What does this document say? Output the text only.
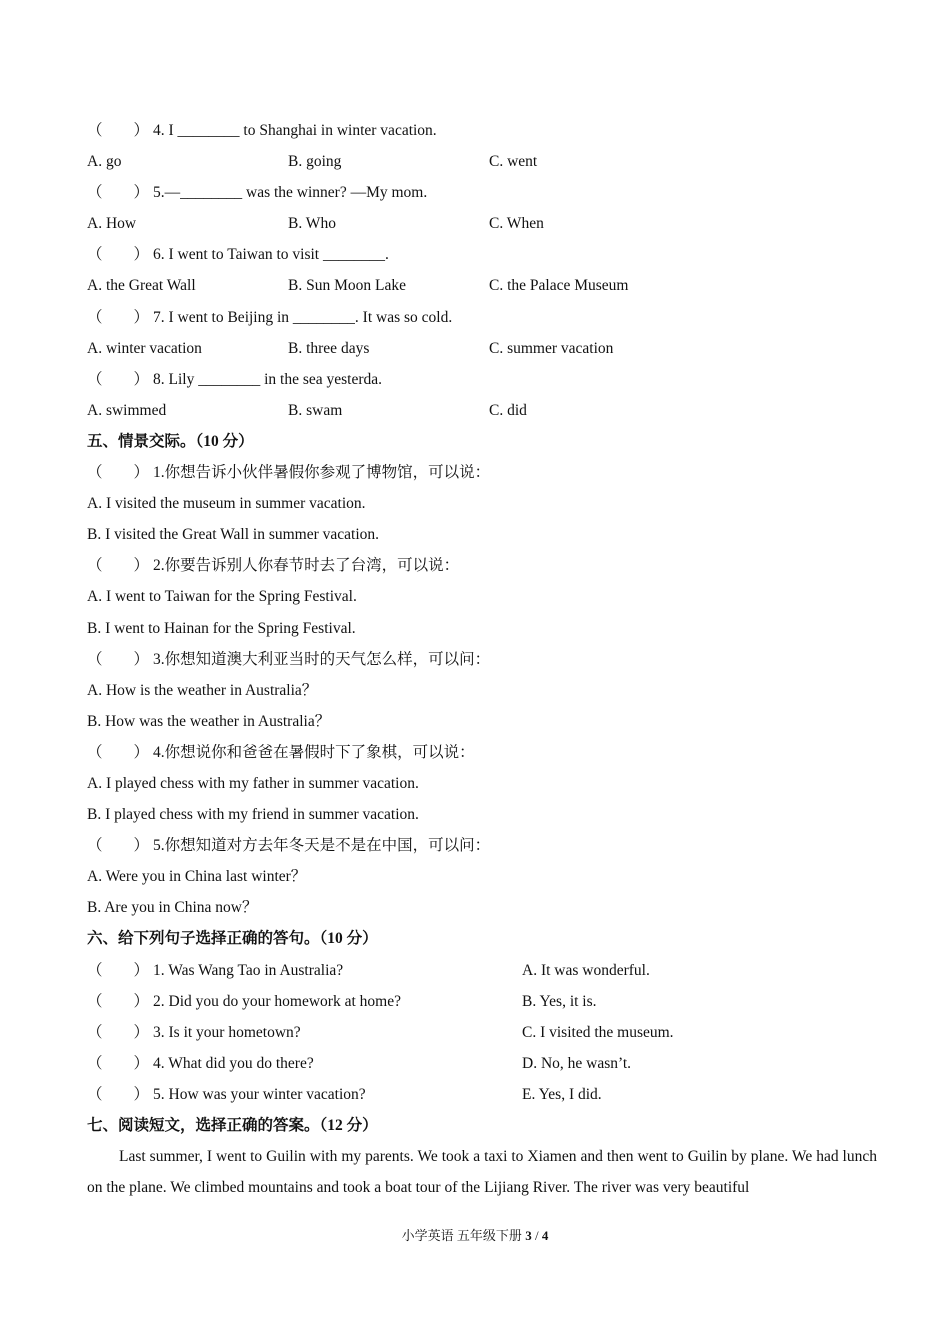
（　　） 4. I ________ to Shanghai in winter vacation.
A. go	B. going	C. went
（　　） 5.—________ was the winner? —My mom.
A. How	B. Who	C. When
（　　） 6. I went to Taiwan to visit ________.
A. the Great Wall	B. Sun Moon Lake	C. the Palace Museum
（　　） 7. I went to Beijing in ________. It was so cold.
A. winter vacation	B. three days	C. summer vacation
（　　） 8. Lily ________ in the sea yesterda.
A. swimmed	B. swam	C. did
五、情景交际。（10 分）
（　　） 1.你想告诉小伙伴暑假你参观了博物馆，可以说：
A. I visited the museum in summer vacation.
B. I visited the Great Wall in summer vacation.
（　　） 2.你要告诉别人你春节时去了台湾，可以说：
A. I went to Taiwan for the Spring Festival.
B. I went to Hainan for the Spring Festival.
（　　） 3.你想知道澳大利亚当时的天气怎么样，可以问：
A. How is the weather in Australia？
B. How was the weather in Australia？
（　　） 4.你想说你和爸爸在暑假时下了象棋，可以说：
A. I played chess with my father in summer vacation.
B. I played chess with my friend in summer vacation.
（　　） 5.你想知道对方去年冬天是不是在中国，可以问：
A. Were you in China last winter？
B. Are you in China now？
六、给下列句子选择正确的答句。（10 分）
（　　） 1. Was Wang Tao in Australia?	A. It was wonderful.
（　　） 2. Did you do your homework at home?	B. Yes, it is.
（　　） 3. Is it your hometown?	C. I visited the museum.
（　　） 4. What did you do there?	D. No, he wasn’t.
（　　） 5. How was your winter vacation?	E. Yes, I did.
七、阅读短文，选择正确的答案。（12 分）
Last summer, I went to Guilin with my parents. We took a taxi to Xiamen and then went to Guilin by plane. We had lunch on the plane. We climbed mountains and took a boat tour of the Lijiang River. The river was very beautiful
小学英语 五年级下册 3 / 4
